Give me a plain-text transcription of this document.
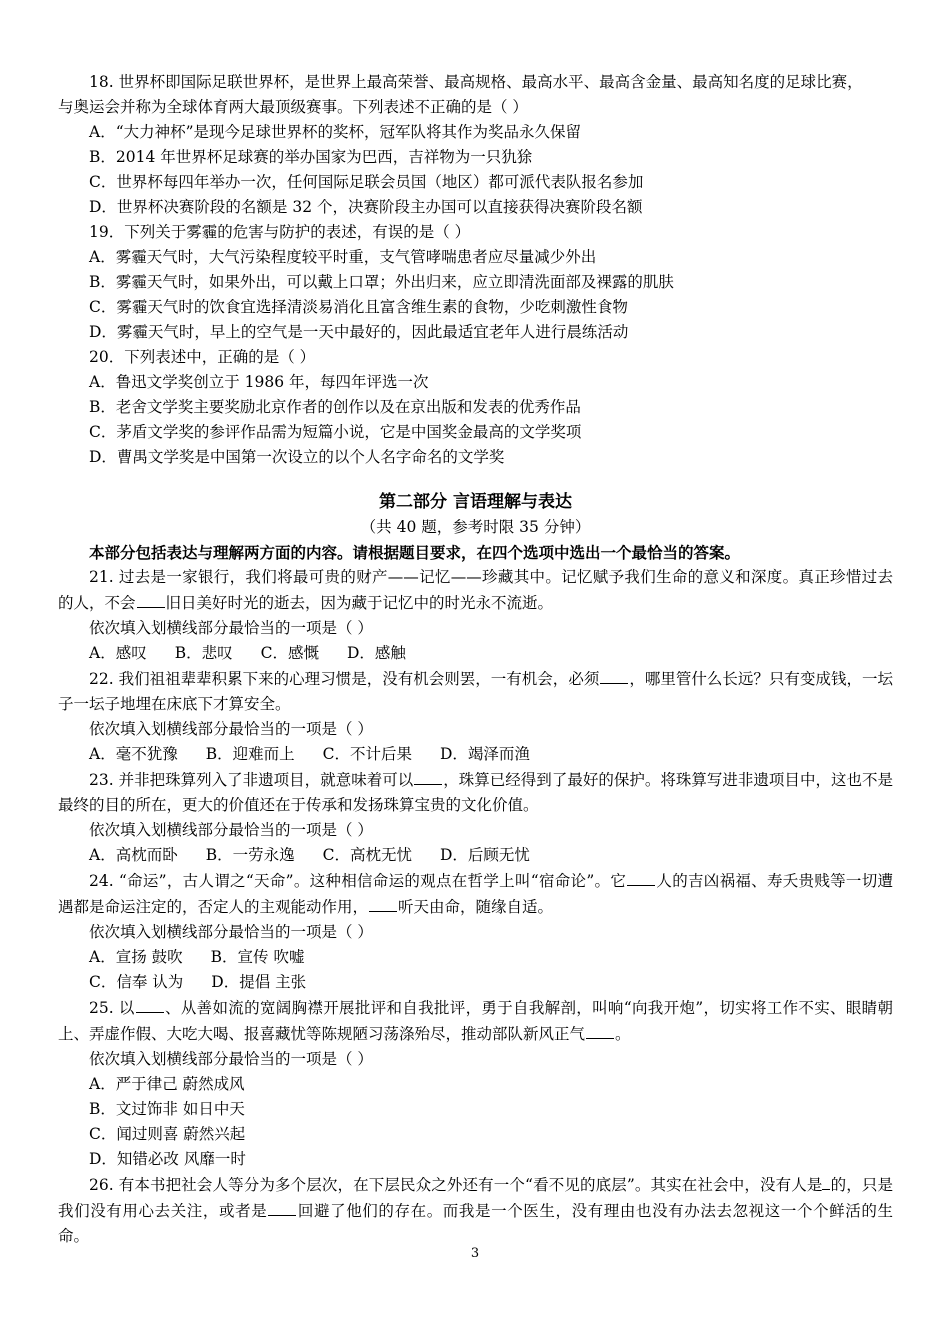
18. 世界杯即国际足联世界杯，是世界上最高荣誉、最高规格、最高水平、最高含金量、最高知名度的足球比赛，
与奥运会并称为全球体育两大最顶级赛事。下列表述不正确的是（ ）
A．“大力神杯”是现今足球世界杯的奖杯，冠军队将其作为奖品永久保留
B．2014 年世界杯足球赛的举办国家为巴西，吉祥物为一只犰狳
C．世界杯每四年举办一次，任何国际足联会员国（地区）都可派代表队报名参加
D．世界杯决赛阶段的名额是 32 个，决赛阶段主办国可以直接获得决赛阶段名额
19．下列关于雾霾的危害与防护的表述，有误的是（ ）
A．雾霾天气时，大气污染程度较平时重，支气管哮喘患者应尽量减少外出
B．雾霾天气时，如果外出，可以戴上口罩；外出归来，应立即清洗面部及裸露的肌肤
C．雾霾天气时的饮食宜选择清淡易消化且富含维生素的食物，少吃刺激性食物
D．雾霾天气时，早上的空气是一天中最好的，因此最适宜老年人进行晨练活动
20．下列表述中，正确的是（ ）
A．鲁迅文学奖创立于 1986 年，每四年评选一次
B．老舍文学奖主要奖励北京作者的创作以及在京出版和发表的优秀作品
C．茅盾文学奖的参评作品需为短篇小说，它是中国奖金最高的文学奖项
D．曹禺文学奖是中国第一次设立的以个人名字命名的文学奖
第二部分 言语理解与表达
（共 40 题，参考时限 35 分钟）
本部分包括表达与理解两方面的内容。请根据题目要求，在四个选项中选出一个最恰当的答案。
21. 过去是一家银行，我们将最可贵的财产——记忆——珍藏其中。记忆赋予我们生命的意义和深度。真正珍惜过去的人，不会 旧日美好时光的逝去，因为藏于记忆中的时光永不流逝。
依次填入划横线部分最恰当的一项是（ ）
A．感叹 B．悲叹 C．感慨 D．感触
22. 我们祖祖辈辈积累下来的心理习惯是，没有机会则罢，一有机会，必须 ，哪里管什么长远？只有变成钱，一坛子一坛子地埋在床底下才算安全。
依次填入划横线部分最恰当的一项是（ ）
A．毫不犹豫 B．迎难而上 C．不计后果 D．竭泽而渔
23. 并非把珠算列入了非遗项目，就意味着可以 ，珠算已经得到了最好的保护。将珠算写进非遗项目中，这也不是最终的目的所在，更大的价值还在于传承和发扬珠算宝贵的文化价值。
依次填入划横线部分最恰当的一项是（ ）
A．高枕而卧 B．一劳永逸 C．高枕无忧 D．后顾无忧
24. “命运”，古人谓之“天命”。这种相信命运的观点在哲学上叫“宿命论”。它 人的吉凶祸福、寿夭贵贱等一切遭遇都是命运注定的，否定人的主观能动作用， 听天由命，随缘自适。
依次填入划横线部分最恰当的一项是（ ）
A．宣扬 鼓吹 B．宣传 吹嘘
C．信奉 认为 D．提倡 主张
25. 以 、从善如流的宽阔胸襟开展批评和自我批评，勇于自我解剖，叫响“向我开炮”，切实将工作不实、眼睛朝上、弄虚作假、大吃大喝、报喜藏忧等陈规陋习荡涤殆尽，推动部队新风正气 。
依次填入划横线部分最恰当的一项是（ ）
A．严于律己 蔚然成风
B．文过饰非 如日中天
C．闻过则喜 蔚然兴起
D．知错必改 风靡一时
26. 有本书把社会人等分为多个层次，在下层民众之外还有一个“看不见的底层”。其实在社会中，没有人是 的，只是我们没有用心去关注，或者是 回避了他们的存在。而我是一个医生，没有理由也没有办法去忽视这一个个鲜活的生命。
3
